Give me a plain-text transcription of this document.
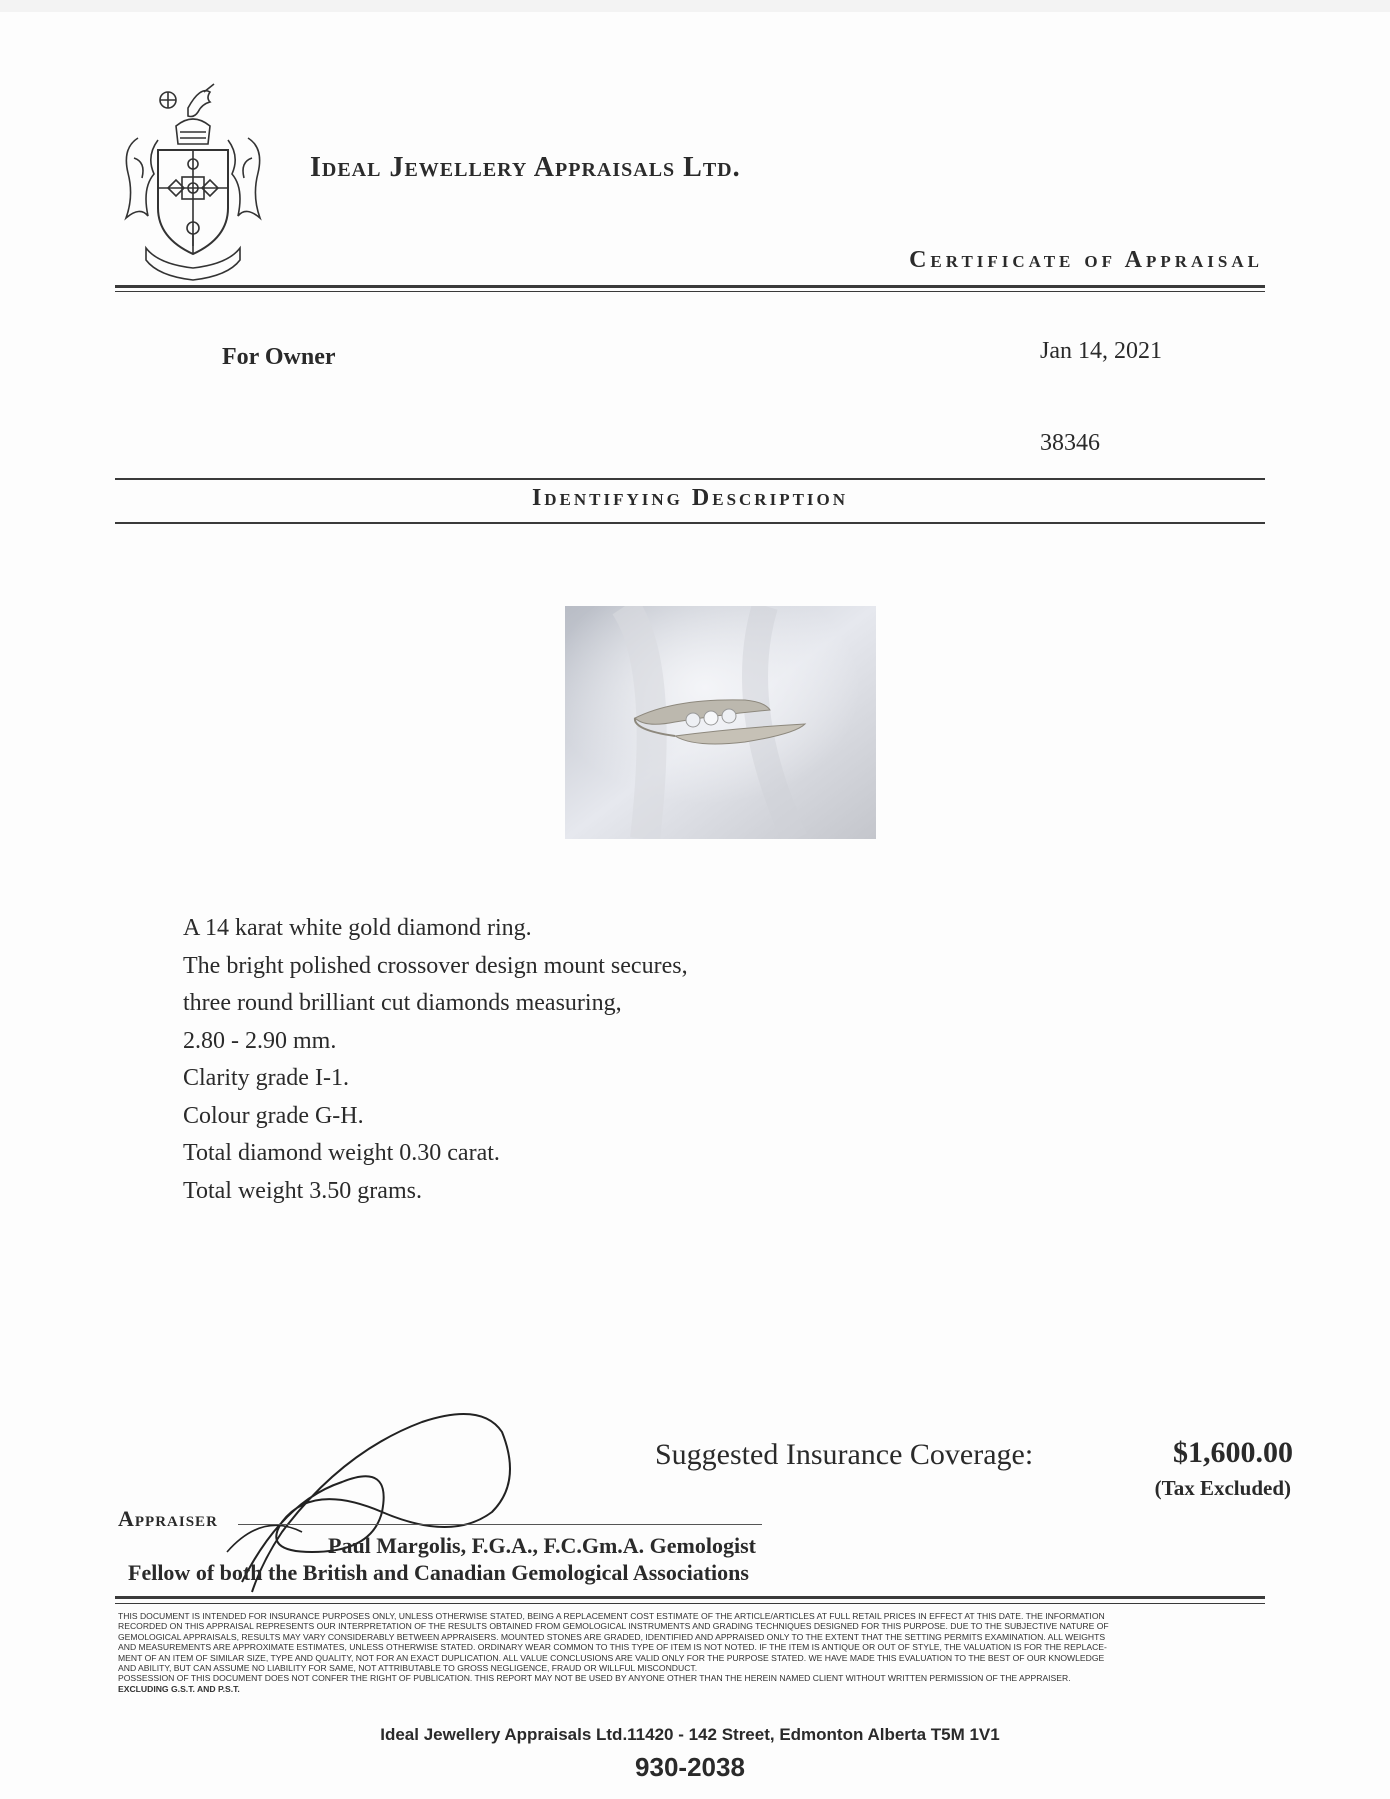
Ideal Jewellery Appraisals Ltd.
Certificate of Appraisal
For Owner	Jan 14, 2021
38346
Identifying Description
A 14 karat white gold diamond ring.
The bright polished crossover design mount secures,
three round brilliant cut diamonds measuring,
2.80 - 2.90 mm.
Clarity grade I-1.
Colour grade G-H.
Total diamond weight 0.30 carat.
Total weight 3.50 grams.
Suggested Insurance Coverage:	$1,600.00
(Tax Excluded)
Appraiser
Paul Margolis, F.G.A., F.C.Gm.A. Gemologist
Fellow of both the British and Canadian Gemological Associations
THIS DOCUMENT IS INTENDED FOR INSURANCE PURPOSES ONLY, UNLESS OTHERWISE STATED, BEING A REPLACEMENT COST ESTIMATE OF THE ARTICLE/ARTICLES AT FULL RETAIL PRICES IN EFFECT AT THIS DATE. THE INFORMATION
RECORDED ON THIS APPRAISAL REPRESENTS OUR INTERPRETATION OF THE RESULTS OBTAINED FROM GEMOLOGICAL INSTRUMENTS AND GRADING TECHNIQUES DESIGNED FOR THIS PURPOSE. DUE TO THE SUBJECTIVE NATURE OF
GEMOLOGICAL APPRAISALS, RESULTS MAY VARY CONSIDERABLY BETWEEN APPRAISERS. MOUNTED STONES ARE GRADED, IDENTIFIED AND APPRAISED ONLY TO THE EXTENT THAT THE SETTING PERMITS EXAMINATION. ALL WEIGHTS
AND MEASUREMENTS ARE APPROXIMATE ESTIMATES, UNLESS OTHERWISE STATED. ORDINARY WEAR COMMON TO THIS TYPE OF ITEM IS NOT NOTED. IF THE ITEM IS ANTIQUE OR OUT OF STYLE, THE VALUATION IS FOR THE REPLACE-
MENT OF AN ITEM OF SIMILAR SIZE, TYPE AND QUALITY, NOT FOR AN EXACT DUPLICATION. ALL VALUE CONCLUSIONS ARE VALID ONLY FOR THE PURPOSE STATED. WE HAVE MADE THIS EVALUATION TO THE BEST OF OUR KNOWLEDGE
AND ABILITY, BUT CAN ASSUME NO LIABILITY FOR SAME, NOT ATTRIBUTABLE TO GROSS NEGLIGENCE, FRAUD OR WILLFUL MISCONDUCT.
POSSESSION OF THIS DOCUMENT DOES NOT CONFER THE RIGHT OF PUBLICATION. THIS REPORT MAY NOT BE USED BY ANYONE OTHER THAN THE HEREIN NAMED CLIENT WITHOUT WRITTEN PERMISSION OF THE APPRAISER.
EXCLUDING G.S.T. AND P.S.T.
Ideal Jewellery Appraisals Ltd.11420 - 142 Street, Edmonton Alberta T5M 1V1
930-2038
